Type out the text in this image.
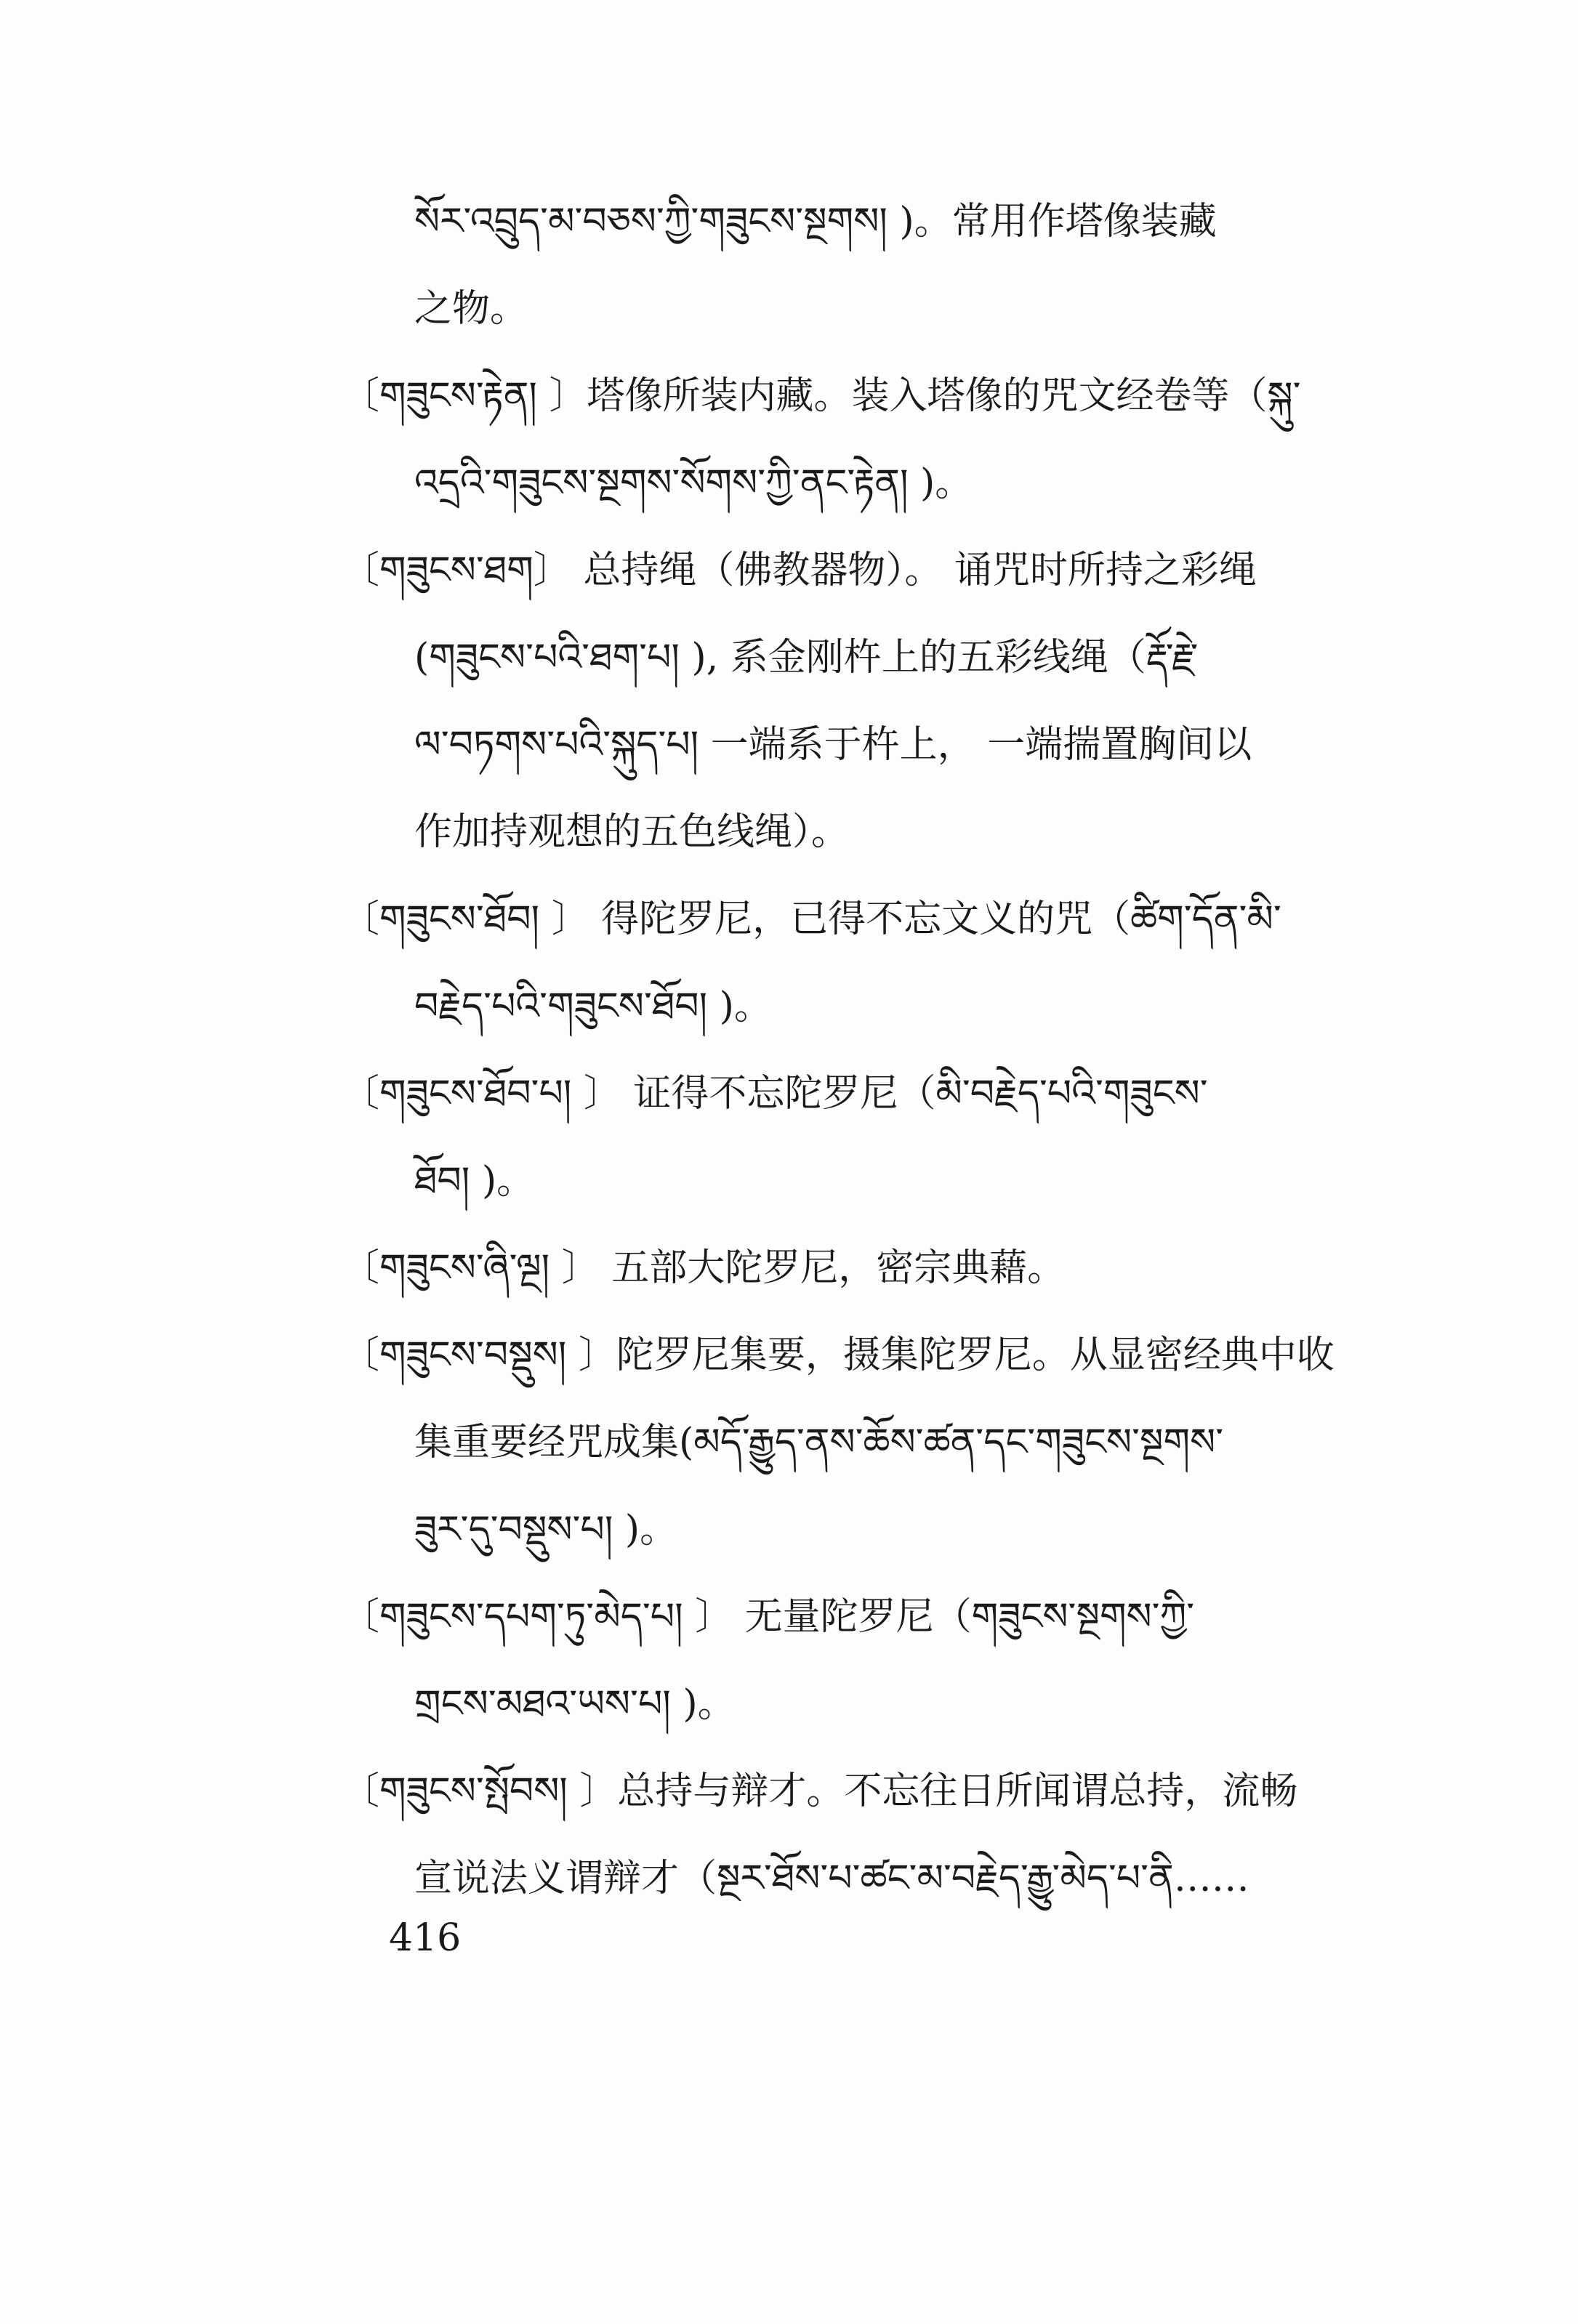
སོར་འབྲུད་མ་བཅས་ཀྱི་གཟུངས་སྔགས། )。常用作塔像装藏
之物。
〔གཟུངས་རྟེན། 〕塔像所装内藏。装入塔像的咒文经卷等（སྐུ་
འདྲའི་གཟུངས་སྔགས་སོགས་ཀྱི་ནང་རྟེན། )。
〔གཟུངས་ཐག〕 总持绳（佛教器物）。 诵咒时所持之彩绳
(གཟུངས་པའི་ཐག་པ། ), 系金刚杵上的五彩线绳（རྡོ་རྗེ་
ལ་བཏགས་པའི་སྐུད་པ། 一端系于杵上， 一端揣置胸间以
作加持观想的五色线绳）。
〔གཟུངས་ཐོབ། 〕 得陀罗尼，已得不忘文义的咒（ཚིག་དོན་མི་
བརྗེད་པའི་གཟུངས་ཐོབ། )。
〔གཟུངས་ཐོབ་པ། 〕 证得不忘陀罗尼（མི་བརྗེད་པའི་གཟུངས་
ཐོབ། )。
〔གཟུངས་ཞི་ལྔ། 〕 五部大陀罗尼，密宗典藉。
〔གཟུངས་བསྡུས། 〕陀罗尼集要，摄集陀罗尼。从显密经典中收
集重要经咒成集(མདོ་རྒྱུད་ནས་ཆོས་ཚན་དང་གཟུངས་སྔགས་
ཟུར་དུ་བསྡུས་པ། )。
〔གཟུངས་དཔག་ཏུ་མེད་པ། 〕 无量陀罗尼（གཟུངས་སྔགས་ཀྱི་
གྲངས་མཐའ་ཡས་པ། )。
〔གཟུངས་སྤོབས། 〕总持与辩才。不忘往日所闻谓总持，流畅
宣说法义谓辩才（སྔར་ཐོས་པ་ཚང་མ་བརྗེད་རྒྱུ་མེད་པ་ནི……
416
